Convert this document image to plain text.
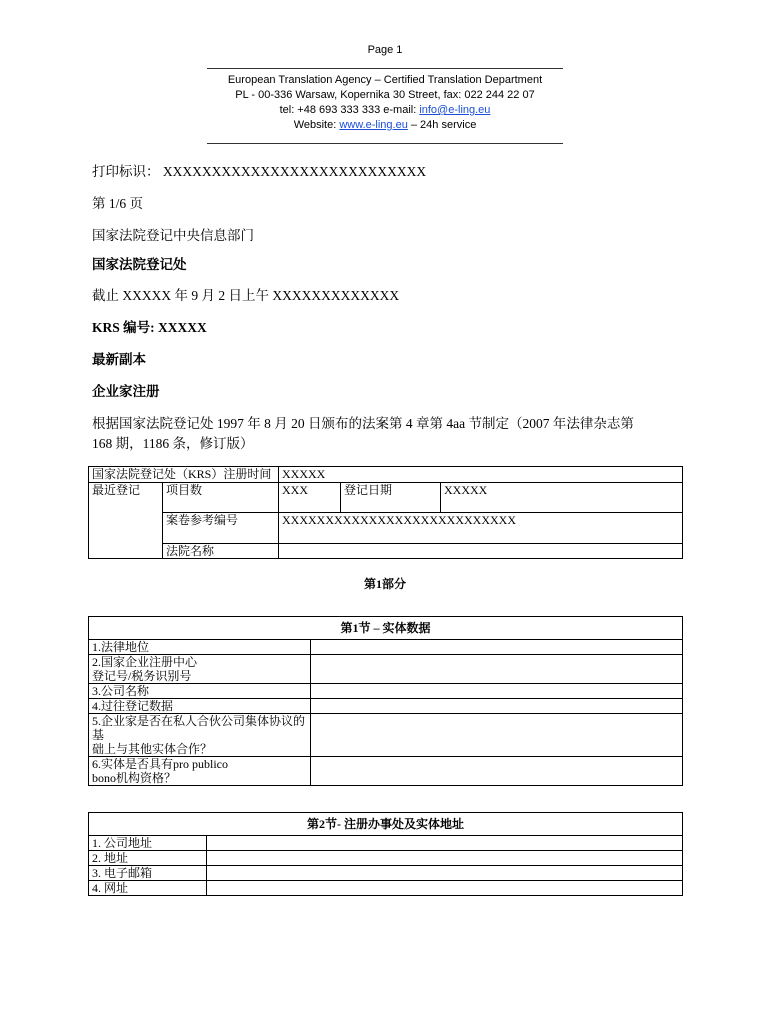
Page 1
European Translation Agency – Certified Translation Department
PL - 00-336 Warsaw, Kopernika 30 Street, fax: 022 244 22 07
tel: +48 693 333 333 e-mail: info@e-ling.eu
Website: www.e-ling.eu – 24h service
打印标识： XXXXXXXXXXXXXXXXXXXXXXXXXXX
第 1/6 页
国家法院登记中央信息部门
国家法院登记处
截止 XXXXX 年 9 月 2 日上午 XXXXXXXXXXXXX
KRS 编号: XXXXX
最新副本
企业家注册
根据国家法院登记处 1997 年 8 月 20 日颁布的法案第 4 章第 4aa 节制定（2007 年法律杂志第
168 期，1186 条，修订版）
国家法院登记处（KRS）注册时间		XXXXX		
最近登记	项目数	XXX	登记日期	XXXXX
	案卷参考编号	XXXXXXXXXXXXXXXXXXXXXXXXXXX		
	法院名称			
第1部分
第1节 – 实体数据	
1.法律地位	
2.国家企业注册中心
登记号/税务识别号	
3.公司名称	
4.过往登记数据	
5.企业家是否在私人合伙公司集体协议的基
础上与其他实体合作？	
6.实体是否具有pro publico
bono机构资格？	
第2节- 注册办事处及实体地址	
1. 公司地址	
2. 地址	
3. 电子邮箱	
4. 网址	
